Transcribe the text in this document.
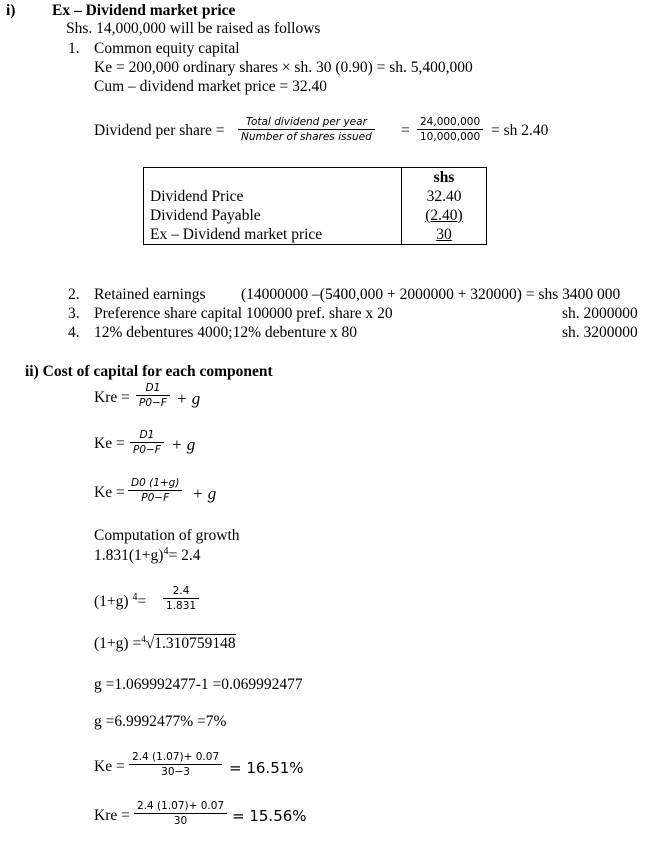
i) Ex – Dividend market price
Shs. 14,000,000 will be raised as follows
1. Common equity capital
Ke = 200,000 ordinary shares × sh. 30 (0.90) = sh. 5,400,000
Cum – dividend market price = 32.40
Dividend per share =	Total dividend per year
Number of shares issued = $\frac{24,000,000}{10,000,000}$ = sh 2.40
	shs
Dividend Price	32.40
Dividend Payable	(2.40)
Ex – Dividend market price	30
2. Retained earnings (14000000 –(5400,000 + 2000000 + 320000) = shs 3400 000
3. Preference share capital 100000 pref. share x 20	sh. 2000000
4. 12% debentures 4000;12% debenture x 80	sh. 3200000
ii) Cost of capital for each component
Kre = $\frac{D1}{P0-F} + g$
$Ke = \frac{D1}{P0-F} + g$
$Ke = \frac{D0 (1+g)}{P0-F} + g$
Computation of growth
$1.831(1+g)^4= 2.4$
(1+g) $^4= \frac{2.4}{1.831}$
(1+g) =$^4$√1.310759148
g =1.069992477-1 =0.069992477
g =6.9992477% =7%
$Ke = \frac{2.4 (1.07)+ 0.07}{30-3} = 16.51\%$
Kre = $\frac{2.4 (1.07)+ 0.07}{30} = 15.56\%$
